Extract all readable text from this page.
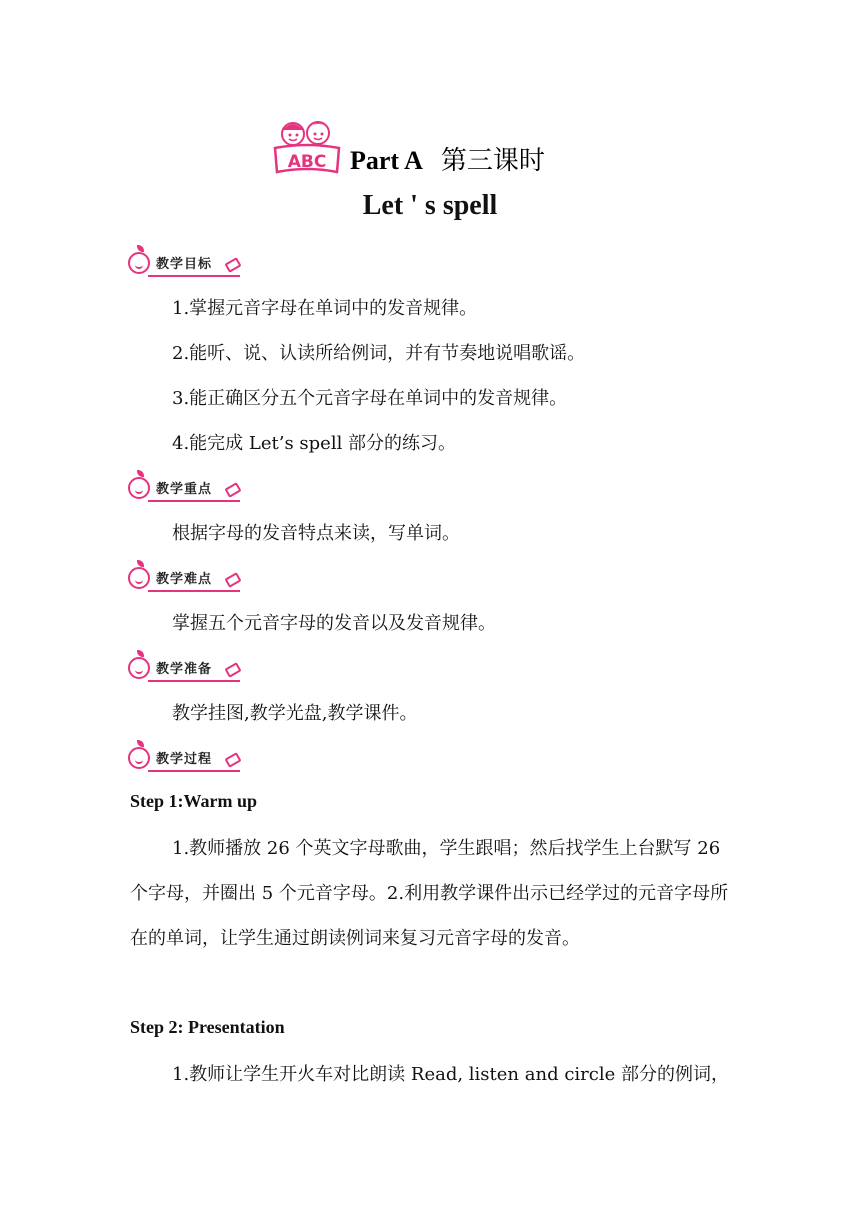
ABC Part A 第三课时
Let ' s spell
教学目标
1.掌握元音字母在单词中的发音规律。
2.能听、说、认读所给例词，并有节奏地说唱歌谣。
3.能正确区分五个元音字母在单词中的发音规律。
4.能完成 Let’s spell 部分的练习。
教学重点
根据字母的发音特点来读，写单词。
教学难点
掌握五个元音字母的发音以及发音规律。
教学准备
教学挂图,教学光盘,教学课件。
教学过程
Step 1:Warm up
1.教师播放 26 个英文字母歌曲，学生跟唱；然后找学生上台默写 26 个字母，并圈出 5 个元音字母。2.利用教学课件出示已经学过的元音字母所在的单词，让学生通过朗读例词来复习元音字母的发音。
Step 2: Presentation
1.教师让学生开火车对比朗读 Read, listen and circle 部分的例词，
